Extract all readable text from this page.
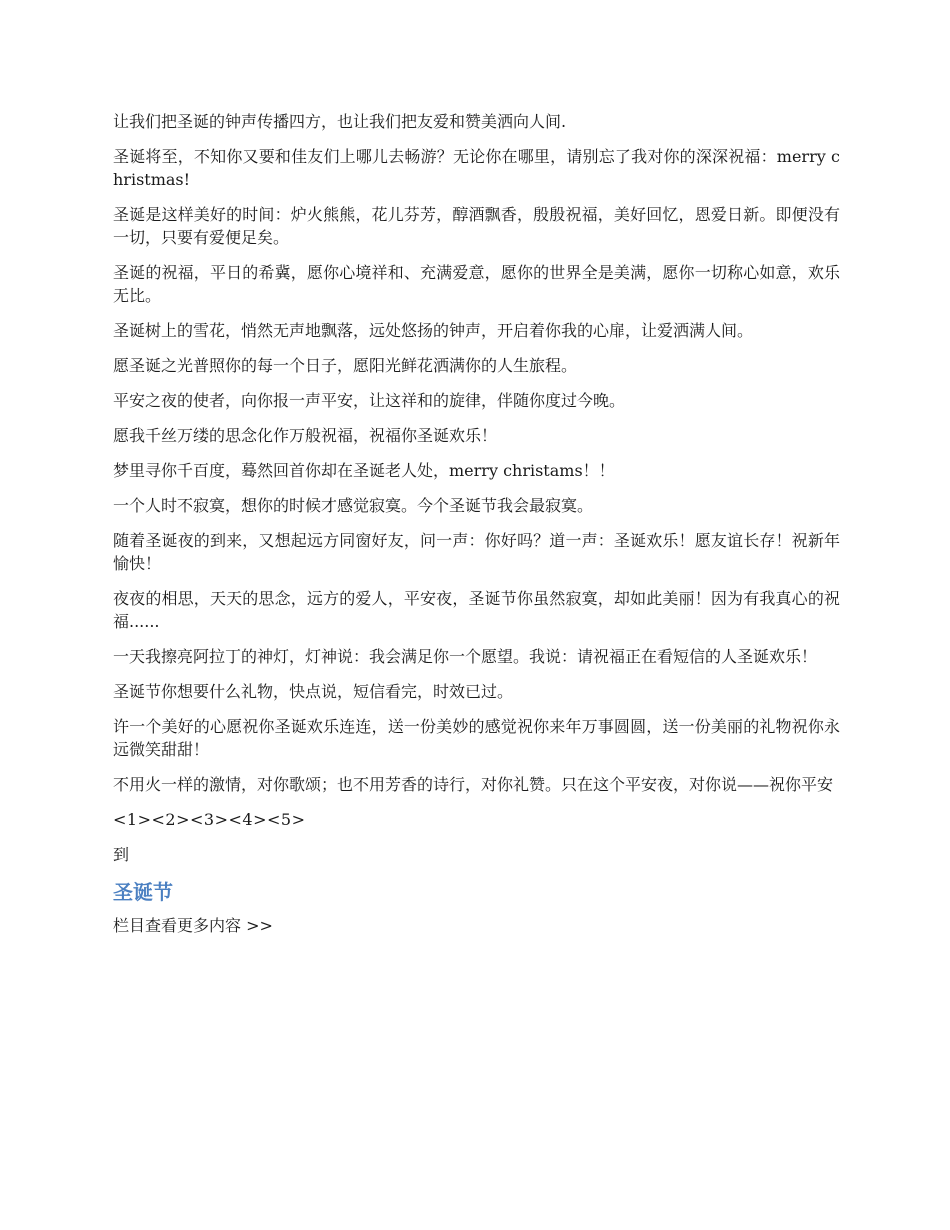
让我们把圣诞的钟声传播四方，也让我们把友爱和赞美洒向人间.

圣诞将至，不知你又要和佳友们上哪儿去畅游？无论你在哪里，请别忘了我对你的深深祝福：merry christmas!

圣诞是这样美好的时间：炉火熊熊，花儿芬芳，醇酒飘香，殷殷祝福，美好回忆，恩爱日新。即便没有一切，只要有爱便足矣。

圣诞的祝福，平日的希冀，愿你心境祥和、充满爱意，愿你的世界全是美满，愿你一切称心如意，欢乐无比。

圣诞树上的雪花，悄然无声地飘落，远处悠扬的钟声，开启着你我的心扉，让爱洒满人间。

愿圣诞之光普照你的每一个日子，愿阳光鲜花洒满你的人生旅程。

平安之夜的使者，向你报一声平安，让这祥和的旋律，伴随你度过今晚。

愿我千丝万缕的思念化作万般祝福，祝福你圣诞欢乐！

梦里寻你千百度，蓦然回首你却在圣诞老人处，merry christams！！

一个人时不寂寞，想你的时候才感觉寂寞。今个圣诞节我会最寂寞。

随着圣诞夜的到来，又想起远方同窗好友，问一声：你好吗？道一声：圣诞欢乐！愿友谊长存！祝新年愉快！

夜夜的相思，天天的思念，远方的爱人，平安夜，圣诞节你虽然寂寞，却如此美丽！因为有我真心的祝福......

一天我擦亮阿拉丁的神灯，灯神说：我会满足你一个愿望。我说：请祝福正在看短信的人圣诞欢乐！

圣诞节你想要什么礼物，快点说，短信看完，时效已过。

许一个美好的心愿祝你圣诞欢乐连连，送一份美妙的感觉祝你来年万事圆圆，送一份美丽的礼物祝你永远微笑甜甜！

不用火一样的激情，对你歌颂；也不用芳香的诗行，对你礼赞。只在这个平安夜，对你说——祝你平安

<1><2><3><4><5>
到
圣诞节
栏目查看更多内容 >>
